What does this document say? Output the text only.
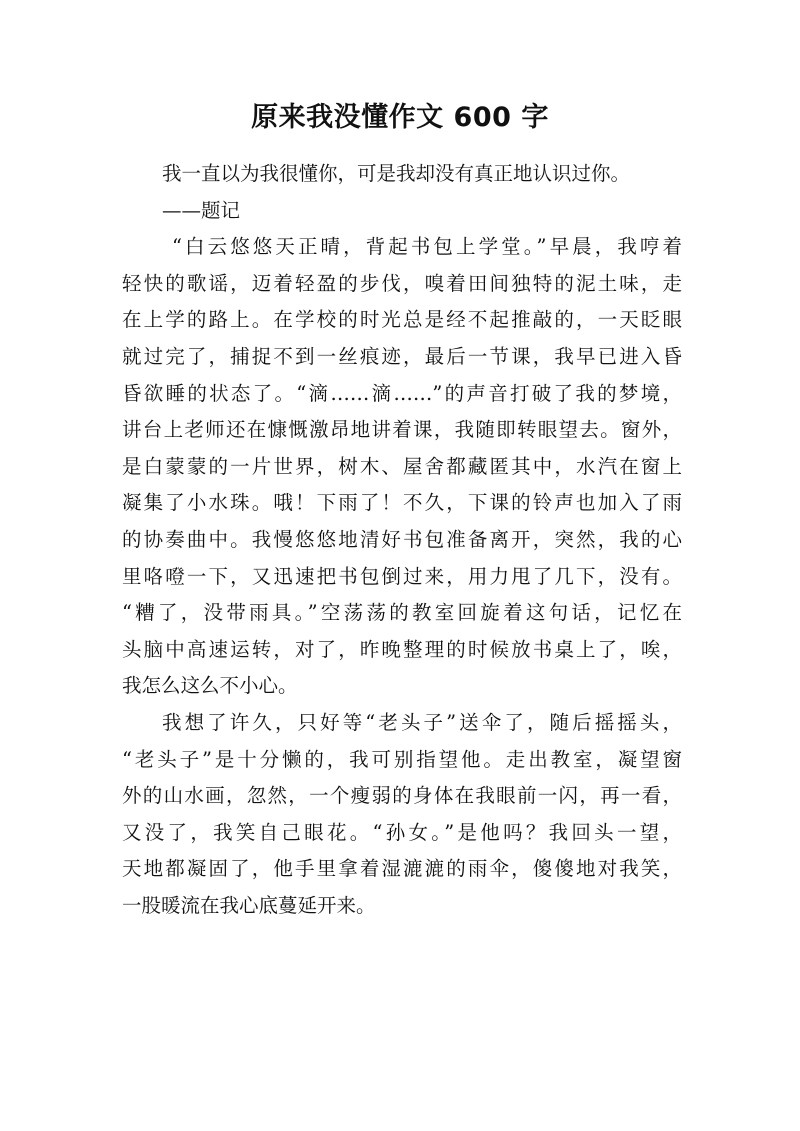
原来我没懂作文 600 字
我一直以为我很懂你，可是我却没有真正地认识过你。
——题记
“白云悠悠天正晴，背起书包上学堂。”早晨，我哼着
轻快的歌谣，迈着轻盈的步伐，嗅着田间独特的泥土味，走
在上学的路上。在学校的时光总是经不起推敲的，一天眨眼
就过完了，捕捉不到一丝痕迹，最后一节课，我早已进入昏
昏欲睡的状态了。“滴……滴……”的声音打破了我的梦境，
讲台上老师还在慷慨激昂地讲着课，我随即转眼望去。窗外，
是白蒙蒙的一片世界，树木、屋舍都藏匿其中，水汽在窗上
凝集了小水珠。哦！下雨了！不久，下课的铃声也加入了雨
的协奏曲中。我慢悠悠地清好书包准备离开，突然，我的心
里咯噔一下，又迅速把书包倒过来，用力甩了几下，没有。
“糟了，没带雨具。”空荡荡的教室回旋着这句话，记忆在
头脑中高速运转，对了，昨晚整理的时候放书桌上了，唉，
我怎么这么不小心。
我想了许久，只好等“老头子”送伞了，随后摇摇头，
“老头子”是十分懒的，我可别指望他。走出教室，凝望窗
外的山水画，忽然，一个瘦弱的身体在我眼前一闪，再一看，
又没了，我笑自己眼花。“孙女。”是他吗？我回头一望，
天地都凝固了，他手里拿着湿漉漉的雨伞，傻傻地对我笑，
一股暖流在我心底蔓延开来。
